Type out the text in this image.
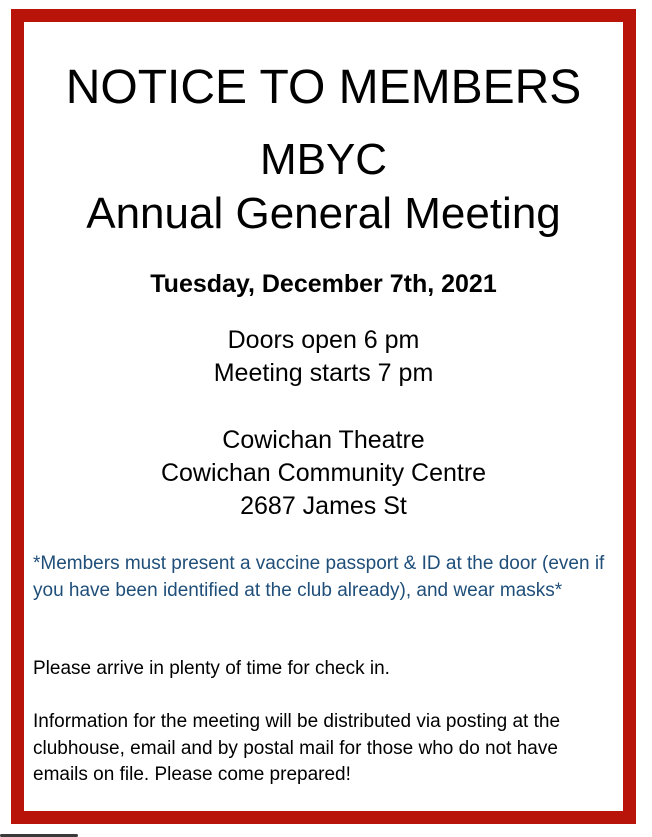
NOTICE TO MEMBERS
MBYC
Annual General Meeting
Tuesday, December 7th, 2021
Doors open 6 pm
Meeting starts 7 pm
Cowichan Theatre
Cowichan Community Centre
2687 James St
*Members must present a vaccine passport & ID at the door (even if you have been identified at the club already), and wear masks*
Please arrive in plenty of time for check in.
Information for the meeting will be distributed via posting at the clubhouse, email and by postal mail for those who do not have emails on file. Please come prepared!
